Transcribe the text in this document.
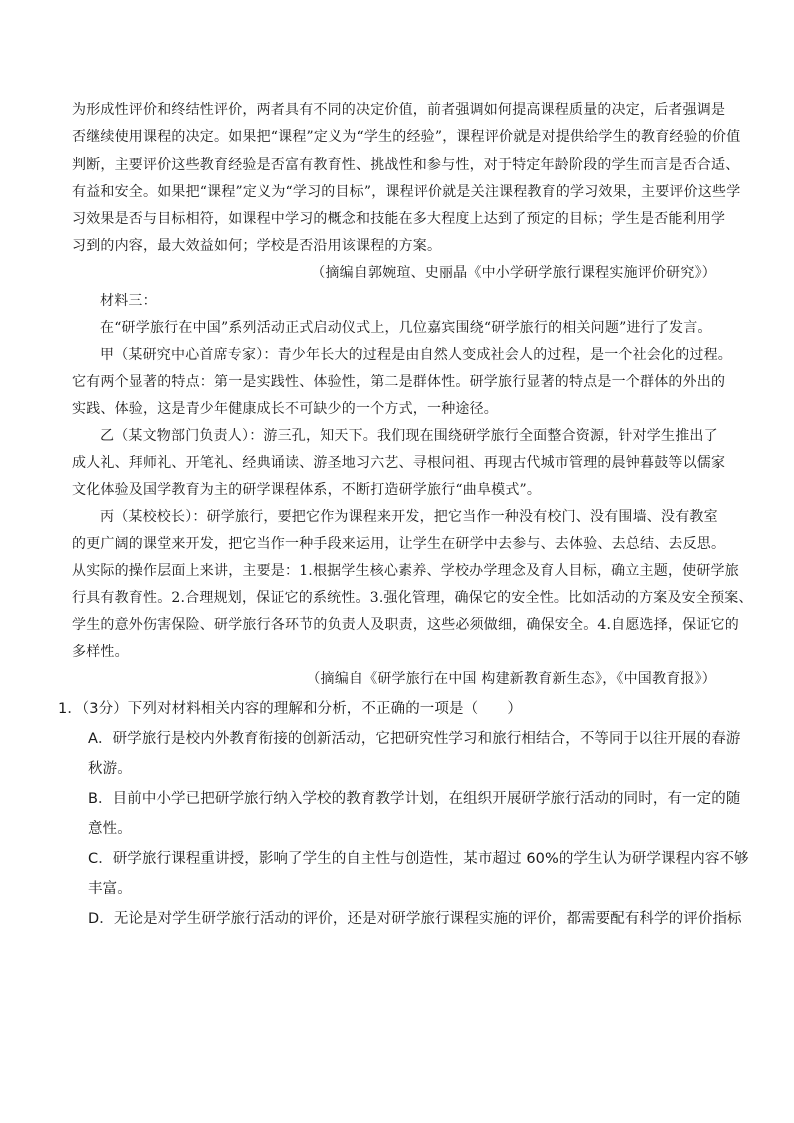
为形成性评价和终结性评价，两者具有不同的决定价值，前者强调如何提高课程质量的决定，后者强调是
否继续使用课程的决定。如果把“课程”定义为“学生的经验”，课程评价就是对提供给学生的教育经验的价值
判断，主要评价这些教育经验是否富有教育性、挑战性和参与性，对于特定年龄阶段的学生而言是否合适、
有益和安全。如果把“课程”定义为“学习的目标”，课程评价就是关注课程教育的学习效果，主要评价这些学
习效果是否与目标相符，如课程中学习的概念和技能在多大程度上达到了预定的目标；学生是否能利用学
习到的内容，最大效益如何；学校是否沿用该课程的方案。
（摘编自郭婉瑄、史丽晶《中小学研学旅行课程实施评价研究》）
材料三：
在“研学旅行在中国”系列活动正式启动仪式上，几位嘉宾围绕“研学旅行的相关问题”进行了发言。
甲（某研究中心首席专家）：青少年长大的过程是由自然人变成社会人的过程，是一个社会化的过程。
它有两个显著的特点：第一是实践性、体验性，第二是群体性。研学旅行显著的特点是一个群体的外出的
实践、体验，这是青少年健康成长不可缺少的一个方式，一种途径。
乙（某文物部门负责人）：游三孔，知天下。我们现在围绕研学旅行全面整合资源，针对学生推出了
成人礼、拜师礼、开笔礼、经典诵读、游圣地习六艺、寻根问祖、再现古代城市管理的晨钟暮鼓等以儒家
文化体验及国学教育为主的研学课程体系，不断打造研学旅行“曲阜模式”。
丙（某校校长）：研学旅行，要把它作为课程来开发，把它当作一种没有校门、没有围墙、没有教室
的更广阔的课堂来开发，把它当作一种手段来运用，让学生在研学中去参与、去体验、去总结、去反思。
从实际的操作层面上来讲，主要是：1.根据学生核心素养、学校办学理念及育人目标，确立主题，使研学旅
行具有教育性。2.合理规划，保证它的系统性。3.强化管理，确保它的安全性。比如活动的方案及安全预案、
学生的意外伤害保险、研学旅行各环节的负责人及职责，这些必须做细，确保安全。4.自愿选择，保证它的
多样性。
（摘编自《研学旅行在中国 构建新教育新生态》，《中国教育报》）
1．（3分）下列对材料相关内容的理解和分析，不正确的一项是（　　）
A．研学旅行是校内外教育衔接的创新活动，它把研究性学习和旅行相结合，不等同于以往开展的春游
秋游。
B．目前中小学已把研学旅行纳入学校的教育教学计划，在组织开展研学旅行活动的同时，有一定的随
意性。
C．研学旅行课程重讲授，影响了学生的自主性与创造性，某市超过 60%的学生认为研学课程内容不够
丰富。
D．无论是对学生研学旅行活动的评价，还是对研学旅行课程实施的评价，都需要配有科学的评价指标
